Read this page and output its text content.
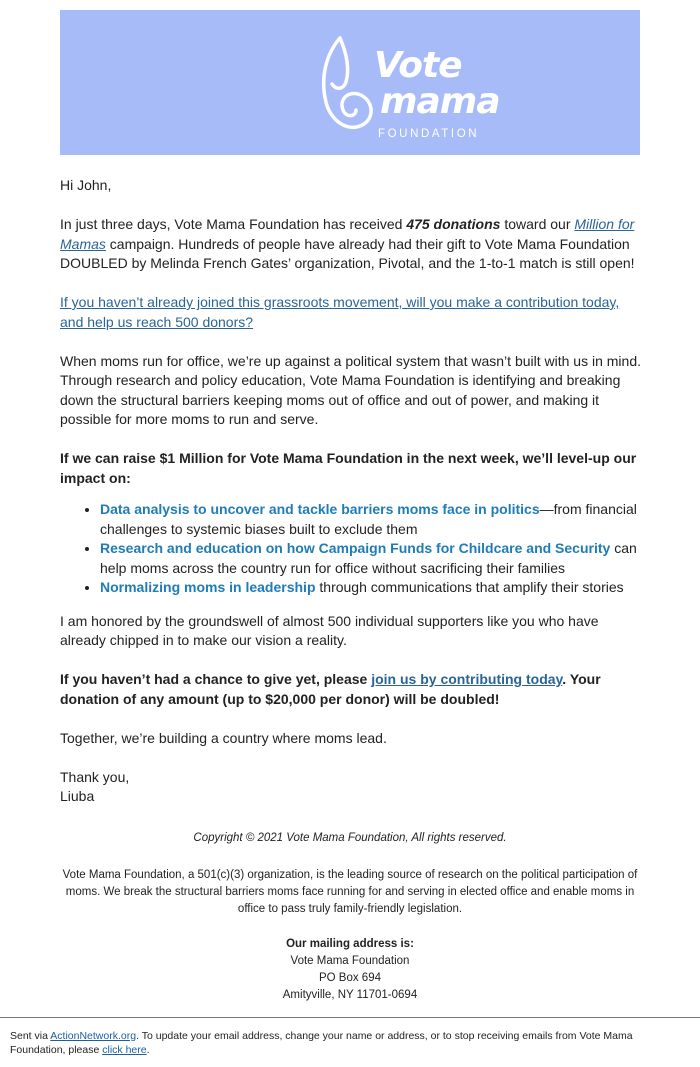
Vote
mama
FOUNDATION

Hi John,

In just three days, Vote Mama Foundation has received 475 donations toward our Million for Mamas campaign. Hundreds of people have already had their gift to Vote Mama Foundation DOUBLED by Melinda French Gates’ organization, Pivotal, and the 1-to-1 match is still open!

If you haven’t already joined this grassroots movement, will you make a contribution today, and help us reach 500 donors?

When moms run for office, we’re up against a political system that wasn’t built with us in mind. Through research and policy education, Vote Mama Foundation is identifying and breaking down the structural barriers keeping moms out of office and out of power, and making it possible for more moms to run and serve.

If we can raise $1 Million for Vote Mama Foundation in the next week, we’ll level-up our impact on:

• Data analysis to uncover and tackle barriers moms face in politics—from financial challenges to systemic biases built to exclude them
• Research and education on how Campaign Funds for Childcare and Security can help moms across the country run for office without sacrificing their families
• Normalizing moms in leadership through communications that amplify their stories

I am honored by the groundswell of almost 500 individual supporters like you who have already chipped in to make our vision a reality.

If you haven’t had a chance to give yet, please join us by contributing today. Your donation of any amount (up to $20,000 per donor) will be doubled!

Together, we’re building a country where moms lead.

Thank you,

Liuba

Copyright © 2021 Vote Mama Foundation, All rights reserved.
Vote Mama Foundation, a 501(c)(3) organization, is the leading source of research on the political participation of moms. We break the structural barriers moms face running for and serving in elected office and enable moms in office to pass truly family-friendly legislation.
Our mailing address is:
Vote Mama Foundation
PO Box 694
Amityville, NY 11701-0694
Sent via ActionNetwork.org. To update your email address, change your name or address, or to stop receiving emails from Vote Mama Foundation, please click here.
